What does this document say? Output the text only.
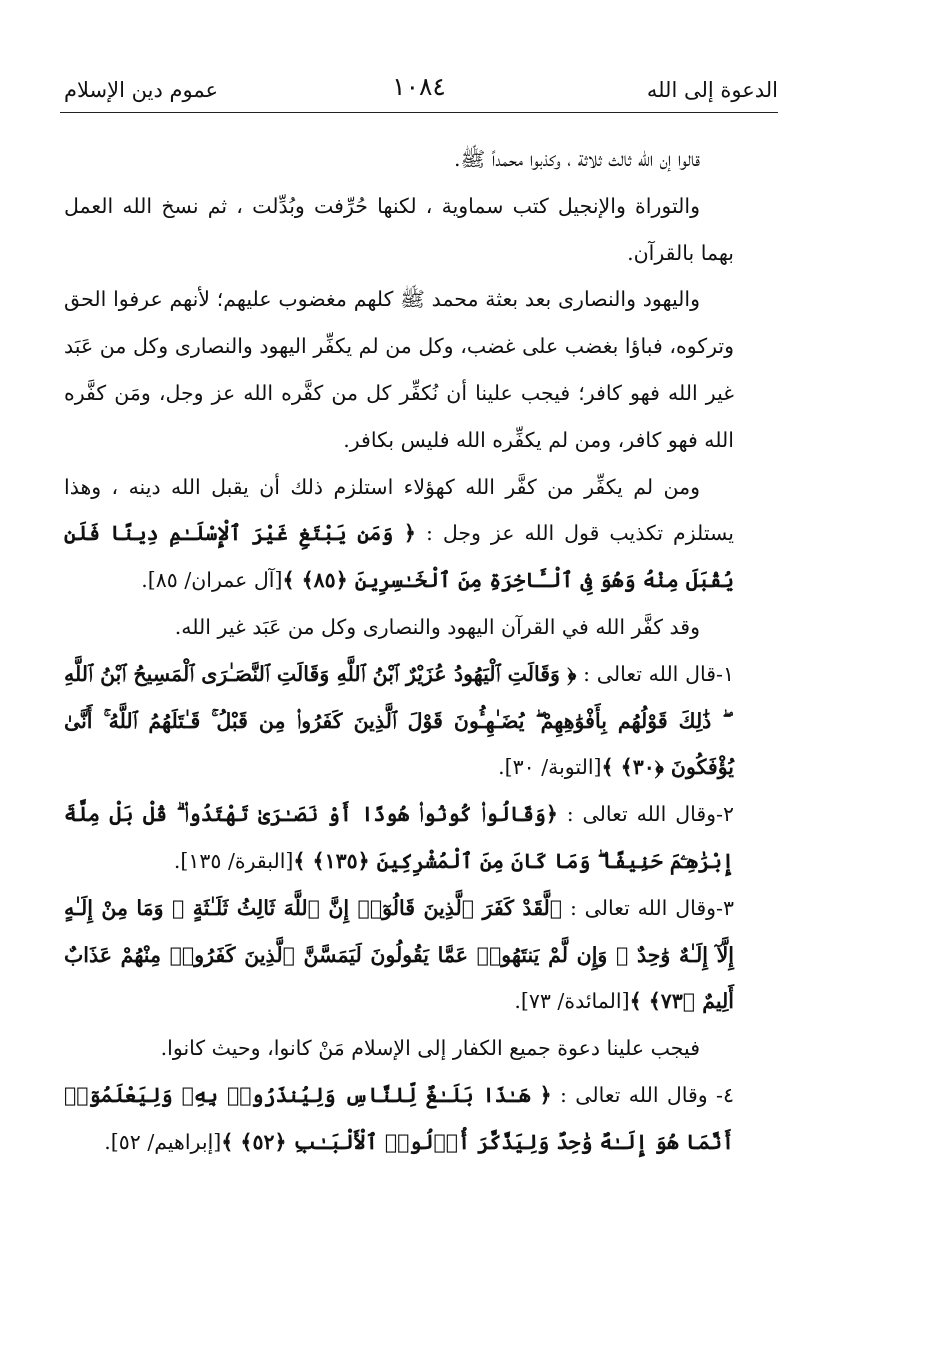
الدعوة إلى الله
١٠٨٤
عموم دين الإسلام

قالوا إن الله ثالث ثلاثة ، وكذبوا محمداً ﷺ.

والتوراة والإنجيل كتب سماوية ، لكنها حُرِّفت وبُدِّلت ، ثم نسخ الله العمل بهما بالقرآن.

واليهود والنصارى بعد بعثة محمد ﷺ كلهم مغضوب عليهم؛ لأنهم عرفوا الحق وتركوه، فباؤا بغضب على غضب، وكل من لم يكفِّر اليهود والنصارى وكل من عَبَد غير الله فهو كافر؛ فيجب علينا أن نُكفِّر كل من كفَّره الله عز وجل، ومَن كفَّره الله فهو كافر، ومن لم يكفِّره الله فليس بكافر.

ومن لم يكفِّر من كفَّر الله كهؤلاء استلزم ذلك أن يقبل الله دينه ، وهذا يستلزم تكذيب قول الله عز وجل : ﴿ وَمَن يَبْتَغِ غَيْرَ ٱلْإِسْلَـٰمِ دِينًا فَلَن يُقْبَلَ مِنْهُ وَهُوَ فِى ٱلْـَٔاخِرَةِ مِنَ ٱلْخَـٰسِرِينَ ﴿٨٥﴾ ﴾[آل عمران/ ٨٥].

وقد كفَّر الله في القرآن اليهود والنصارى وكل من عَبَد غير الله.

١-قال الله تعالى : ﴿ وَقَالَتِ ٱلْيَهُودُ عُزَيْرٌ ٱبْنُ ٱللَّهِ وَقَالَتِ ٱلنَّصَـٰرَى ٱلْمَسِيحُ ٱبْنُ ٱللَّهِ ۖ ذَٰلِكَ قَوْلُهُم بِأَفْوَٰهِهِمْ ۖ يُضَـٰهِـُٔونَ قَوْلَ ٱلَّذِينَ كَفَرُوا۟ مِن قَبْلُ ۚ قَـٰتَلَهُمُ ٱللَّهُ ۚ أَنَّىٰ يُؤْفَكُونَ ﴿٣٠﴾ ﴾[التوبة/ ٣٠].

٢-وقال الله تعالى : ﴿وَقَالُوا۟ كُونُوا۟ هُودًا أَوْ نَصَـٰرَىٰ تَهْتَدُوا۟ ۗ قُلْ بَلْ مِلَّةَ إِبْرَٰهِـۧمَ حَنِيفًا ۖ وَمَا كَانَ مِنَ ٱلْمُشْرِكِينَ ﴿١٣٥﴾ ﴾[البقرة/ ١٣٥].

٣-وقال الله تعالى : ﴿لَّقَدْ كَفَرَ ٱلَّذِينَ قَالُوٓا۟ إِنَّ ٱللَّهَ ثَالِثُ ثَلَـٰثَةٍ ۘ وَمَا مِنْ إِلَـٰهٍ إِلَّآ إِلَـٰهٌ وَٰحِدٌ ۚ وَإِن لَّمْ يَنتَهُوا۟ عَمَّا يَقُولُونَ لَيَمَسَّنَّ ٱلَّذِينَ كَفَرُوا۟ مِنْهُمْ عَذَابٌ أَلِيمٌ ﴿٧٣﴾ ﴾[المائدة/ ٧٣].

فيجب علينا دعوة جميع الكفار إلى الإسلام مَنْ كانوا، وحيث كانوا.

٤- وقال الله تعالى : ﴿ هَـٰذَا بَلَـٰغٌ لِّلنَّاسِ وَلِيُنذَرُوا۟ بِهِۦ وَلِيَعْلَمُوٓا۟ أَنَّمَا هُوَ إِلَـٰهٌ وَٰحِدٌ وَلِيَذَّكَّرَ أُو۟لُوا۟ ٱلْأَلْبَـٰبِ ﴿٥٢﴾ ﴾[إبراهيم/ ٥٢].
